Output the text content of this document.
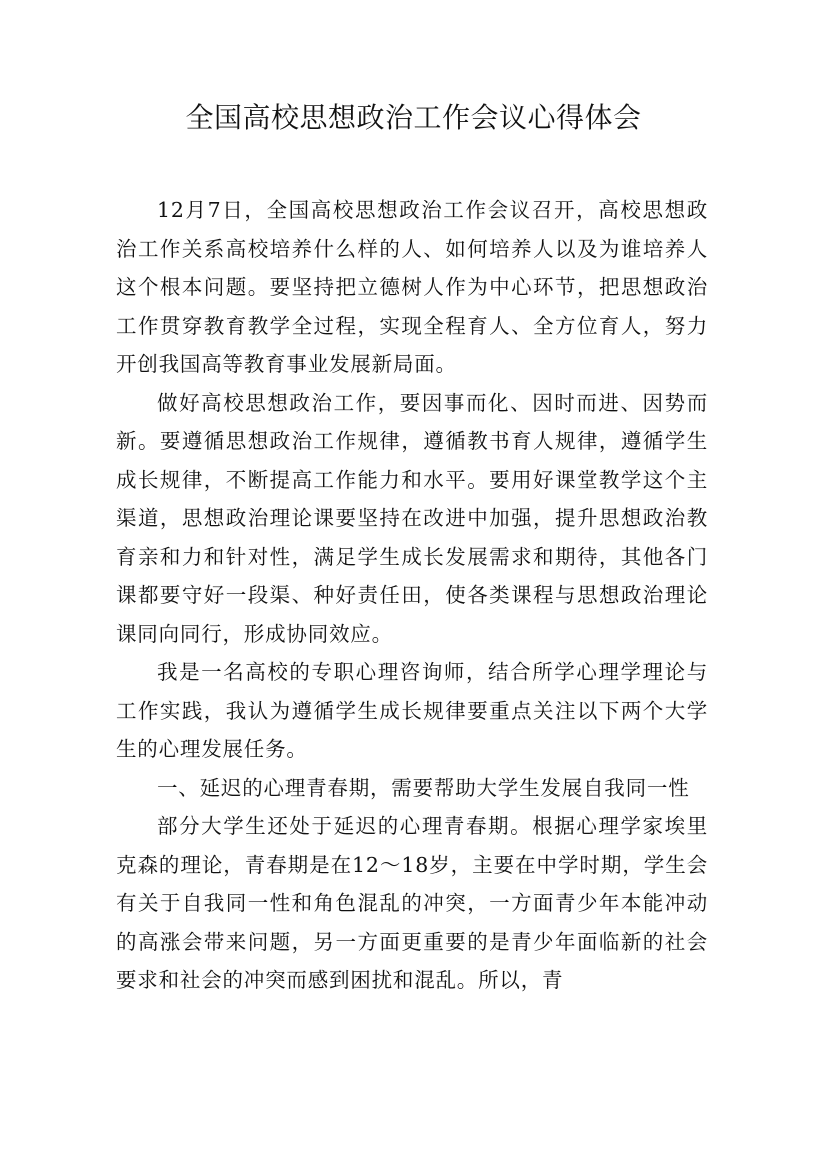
全国高校思想政治工作会议心得体会

12月7日，全国高校思想政治工作会议召开，高校思想政治工作关系高校培养什么样的人、如何培养人以及为谁培养人这个根本问题。要坚持把立德树人作为中心环节，把思想政治工作贯穿教育教学全过程，实现全程育人、全方位育人，努力开创我国高等教育事业发展新局面。

做好高校思想政治工作，要因事而化、因时而进、因势而新。要遵循思想政治工作规律，遵循教书育人规律，遵循学生成长规律，不断提高工作能力和水平。要用好课堂教学这个主渠道，思想政治理论课要坚持在改进中加强，提升思想政治教育亲和力和针对性，满足学生成长发展需求和期待，其他各门课都要守好一段渠、种好责任田，使各类课程与思想政治理论课同向同行，形成协同效应。

我是一名高校的专职心理咨询师，结合所学心理学理论与工作实践，我认为遵循学生成长规律要重点关注以下两个大学生的心理发展任务。

一、延迟的心理青春期，需要帮助大学生发展自我同一性

部分大学生还处于延迟的心理青春期。根据心理学家埃里克森的理论，青春期是在12～18岁，主要在中学时期，学生会有关于自我同一性和角色混乱的冲突，一方面青少年本能冲动的高涨会带来问题，另一方面更重要的是青少年面临新的社会要求和社会的冲突而感到困扰和混乱。所以，青
